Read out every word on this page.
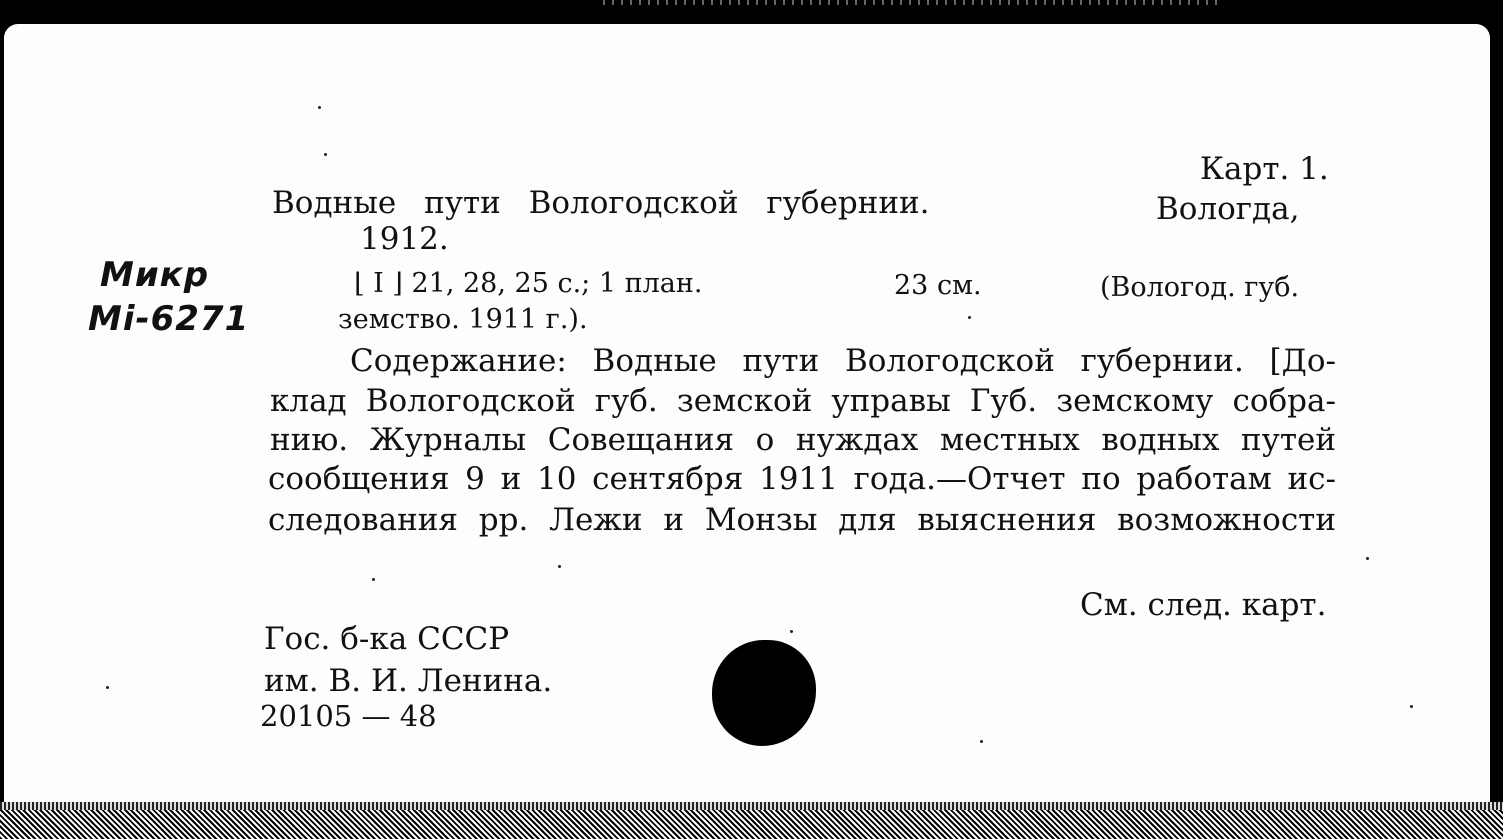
Карт. 1.
Водные пути Вологодской губернии.	Вологда,
1912.
⌊ I ⌋ 21, 28, 25 с.; 1 план.	23 см.	(Вологод. губ.
земство. 1911 г.).
Содержание: Водные пути Вологодской губернии. [До-
клад Вологодской губ. земской управы Губ. земскому собра-
нию. Журналы Совещания о нуждах местных водных путей
сообщения 9 и 10 сентября 1911 года.—Отчет по работам ис-
следования рр. Лежи и Монзы для выяснения возможности
См. след. карт.
Гос. б-ка СССР
им. В. И. Ленина.
20105 — 48
Микр
Mi-6271
